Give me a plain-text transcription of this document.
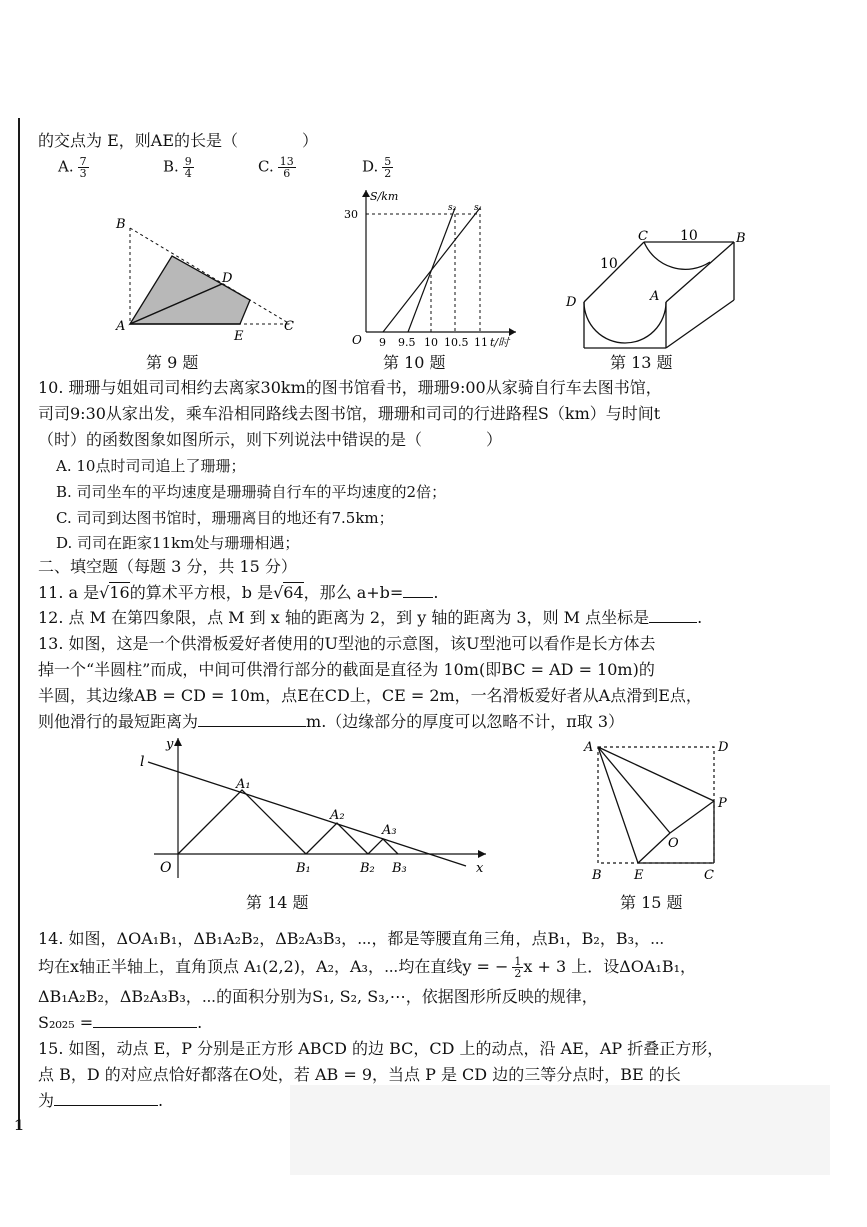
的交点为 E，则AE的长是（　　　　）
A. $\frac{7}{3}$	B. $\frac{9}{4}$	C. $\frac{13}{6}$	D. $\frac{5}{2}$
B
D
A
E
C
第 9 题
S/km
30
O 9 9.5 10 10.5 11 t/时
s₂ s₁
第 10 题
C	B
D	A
10
10
第 13 题
10. 珊珊与姐姐司司相约去离家30km的图书馆看书，珊珊9:00从家骑自行车去图书馆，
司司9:30从家出发，乘车沿相同路线去图书馆，珊珊和司司的行进路程S（km）与时间t
（时）的函数图象如图所示，则下列说法中错误的是（　　　　）
A. 10点时司司追上了珊珊；
B. 司司坐车的平均速度是珊珊骑自行车的平均速度的2倍；
C. 司司到达图书馆时，珊珊离目的地还有7.5km；
D. 司司在距家11km处与珊珊相遇；
二、填空题（每题 3 分，共 15 分）
11. a 是√16的算术平方根，b 是√64，那么 a+b= .
12. 点 M 在第四象限，点 M 到 x 轴的距离为 2，到 y 轴的距离为 3，则 M 点坐标是	.
13. 如图，这是一个供滑板爱好者使用的U型池的示意图，该U型池可以看作是长方体去
掉一个“半圆柱”而成，中间可供滑行部分的截面是直径为 10m(即BC = AD = 10m)的
半圆，其边缘AB = CD = 10m，点E在CD上，CE = 2m，一名滑板爱好者从A点滑到E点，
则他滑行的最短距离为	m.（边缘部分的厚度可以忽略不计，π取 3）
l
y
O
A₁
A₂
A₃
B₁	B₂ B₃	x
第 14 题
A	D
P
O
B E	C
第 15 题
14. 如图，ΔOA₁B₁，ΔB₁A₂B₂，ΔB₂A₃B₃，⋯，都是等腰直角三角，点B₁，B₂，B₃，⋯
均在x轴正半轴上，直角顶点 A₁(2,2)，A₂，A₃，⋯均在直线y = − $\frac{1}{2}$ x + 3 上．设ΔOA₁B₁，
ΔB₁A₂B₂，ΔB₂A₃B₃，⋯的面积分别为S₁, S₂, S₃,⋯，依据图形所反映的规律，
S₂₀₂₅ =	.
15. 如图，动点 E，P 分别是正方形 ABCD 的边 BC，CD 上的动点，沿 AE，AP 折叠正方形，
点 B，D 的对应点恰好都落在O处，若 AB = 9，当点 P 是 CD 边的三等分点时，BE 的长
为	.
1
